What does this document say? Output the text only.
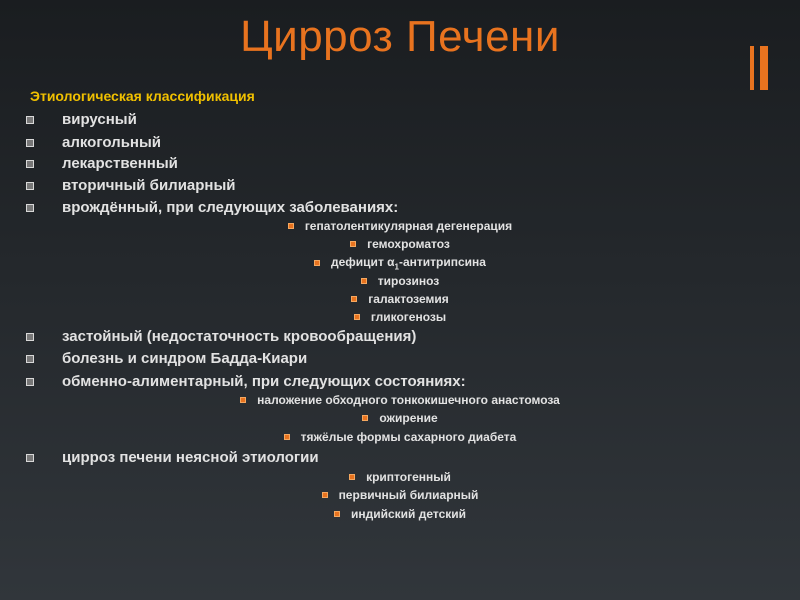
Цирроз Печени
Этиологическая классификация
вирусный
алкогольный
лекарственный
вторичный билиарный
врождённый, при следующих заболеваниях:
гепатолентикулярная дегенерация
гемохроматоз
дефицит $\alpha_1$-антитрипсина
тирозиноз
галактоземия
гликогенозы
застойный (недостаточность кровообращения)
болезнь и синдром Бадда-Киари
обменно-алиментарный, при следующих состояниях:
наложение обходного тонкокишечного анастомоза
ожирение
тяжёлые формы сахарного диабета
цирроз печени неясной этиологии
криптогенный
первичный билиарный
индийский детский
